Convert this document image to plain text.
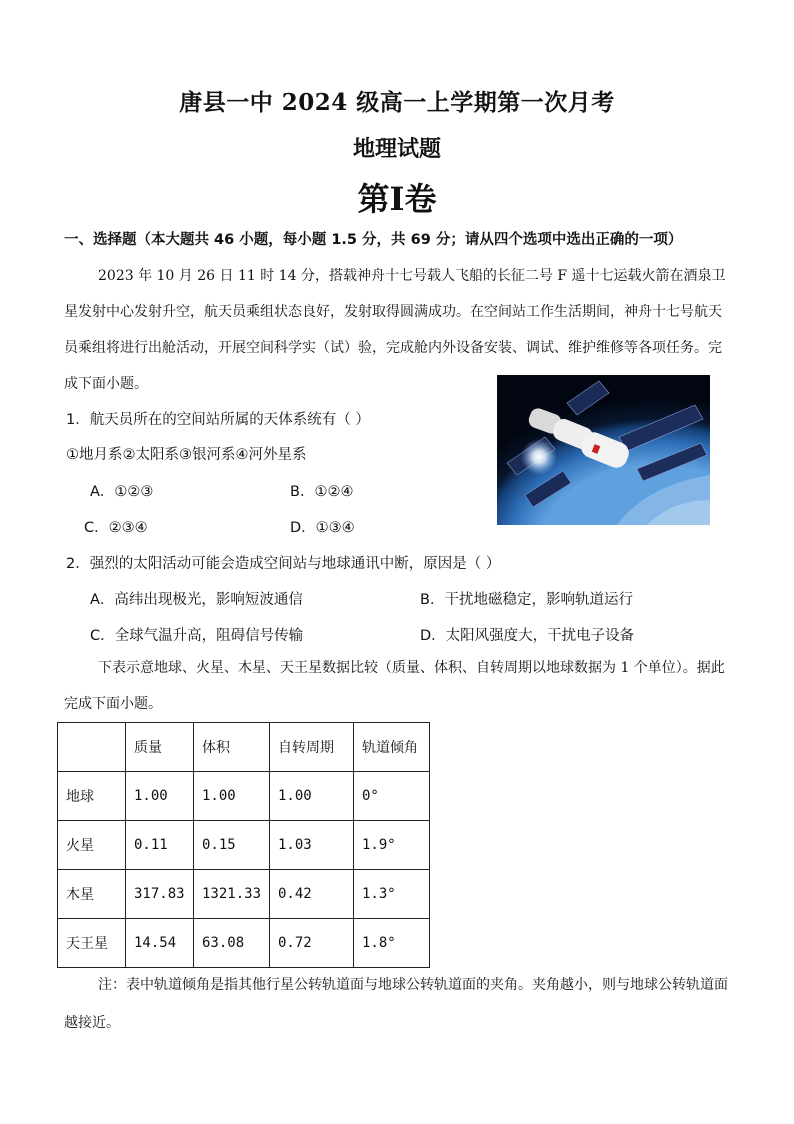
唐县一中 2024 级高一上学期第一次月考
地理试题
第I卷
一、选择题（本大题共 46 小题，每小题 1.5 分，共 69 分；请从四个选项中选出正确的一项）
2023 年 10 月 26 日 11 时 14 分，搭载神舟十七号载人飞船的长征二号 F 遥十七运载火箭在酒泉卫星发射中心发射升空，航天员乘组状态良好，发射取得圆满成功。在空间站工作生活期间，神舟十七号航天员乘组将进行出舱活动，开展空间科学实（试）验，完成舱内外设备安装、调试、维护维修等各项任务。完成下面小题。
1．航天员所在的空间站所属的天体系统有（ ）
①地月系②太阳系③银河系④河外星系
A．①②③	B．①②④
C．②③④	D．①③④
2．强烈的太阳活动可能会造成空间站与地球通讯中断，原因是（ ）
A．高纬出现极光，影响短波通信	B．干扰地磁稳定，影响轨道运行
C．全球气温升高，阻碍信号传输	D．太阳风强度大，干扰电子设备
下表示意地球、火星、木星、天王星数据比较（质量、体积、自转周期以地球数据为 1 个单位）。据此完成下面小题。
	质量	体积	自转周期	轨道倾角
地球	1.00	1.00	1.00	0°
火星	0.11	0.15	1.03	1.9°
木星	317.83	1321.33	0.42	1.3°
天王星	14.54	63.08	0.72	1.8°
注：表中轨道倾角是指其他行星公转轨道面与地球公转轨道面的夹角。夹角越小，则与地球公转轨道面越接近。
